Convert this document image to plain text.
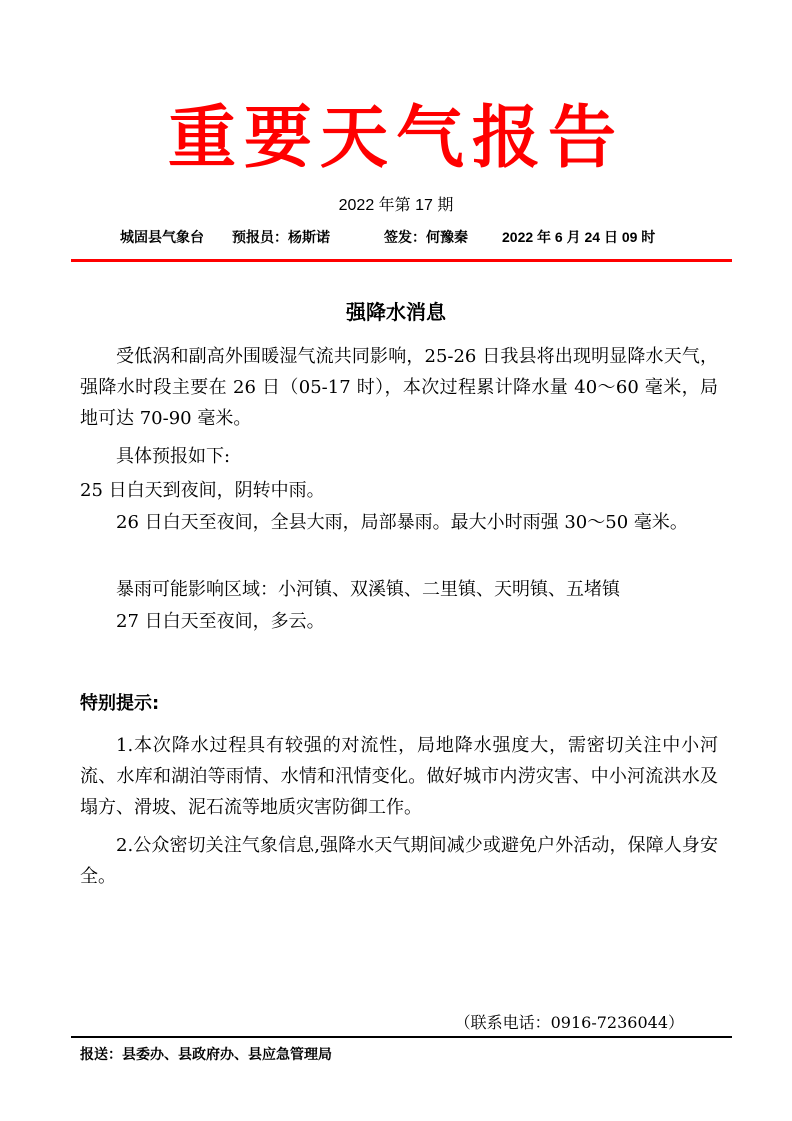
重要天气报告
2022 年第 17 期
城固县气象台 预报员：杨斯诺	签发：何豫秦 2022 年 6 月 24 日 09 时
强降水消息

受低涡和副高外围暖湿气流共同影响，25-26 日我县将出现明显降水天气，强降水时段主要在 26 日（05-17 时），本次过程累计降水量 40～60 毫米，局地可达 70-90 毫米。

具体预报如下:

25 日白天到夜间，阴转中雨。

26 日白天至夜间，全县大雨，局部暴雨。最大小时雨强 30～50 毫米。

暴雨可能影响区域：小河镇、双溪镇、二里镇、天明镇、五堵镇

27 日白天至夜间，多云。

特别提示:

1.本次降水过程具有较强的对流性，局地降水强度大，需密切关注中小河流、水库和湖泊等雨情、水情和汛情变化。做好城市内涝灾害、中小河流洪水及塌方、滑坡、泥石流等地质灾害防御工作。

2.公众密切关注气象信息,强降水天气期间减少或避免户外活动，保障人身安全。

（联系电话：0916-7236044）
报送：县委办、县政府办、县应急管理局
